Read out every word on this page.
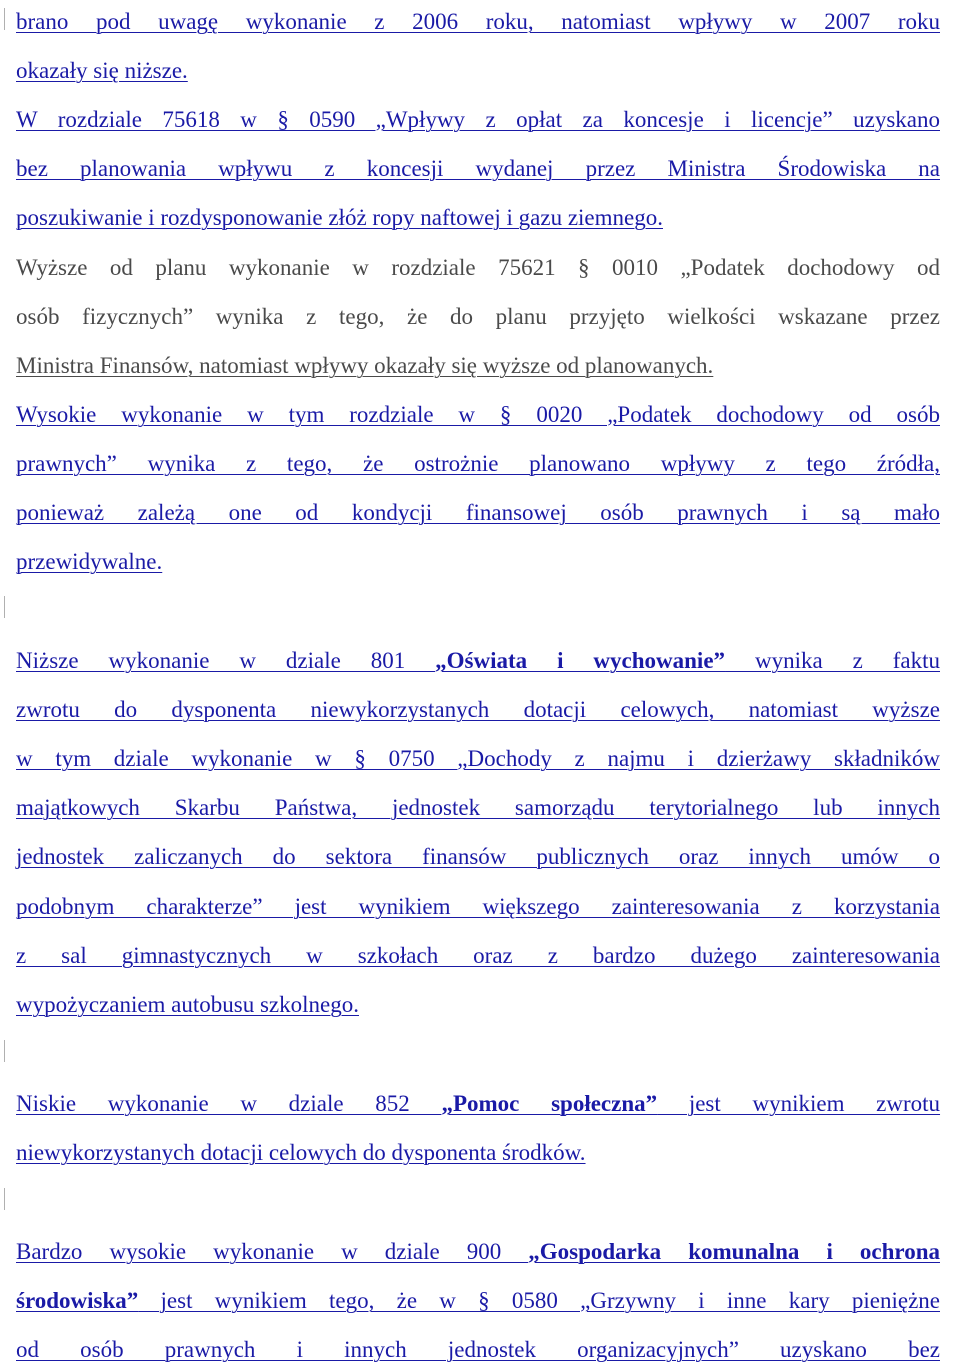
brano pod uwagę wykonanie z 2006 roku, natomiast wpływy w 2007 roku
okazały się niższe.
W rozdziale 75618 w § 0590 „Wpływy z opłat za koncesje i licencje” uzyskano
bez planowania wpływu z koncesji wydanej przez Ministra Środowiska na
poszukiwanie i rozdysponowanie złóż ropy naftowej i gazu ziemnego.
Wyższe od planu wykonanie w rozdziale 75621 § 0010 „Podatek dochodowy od
osób fizycznych” wynika z tego, że do planu przyjęto wielkości wskazane przez
Ministra Finansów, natomiast wpływy okazały się wyższe od planowanych.
Wysokie wykonanie w tym rozdziale w § 0020 „Podatek dochodowy od osób
prawnych” wynika z tego, że ostrożnie planowano wpływy z tego źródła,
ponieważ zależą one od kondycji finansowej osób prawnych i są mało
przewidywalne.
Niższe wykonanie w dziale 801 „Oświata i wychowanie” wynika z faktu
zwrotu do dysponenta niewykorzystanych dotacji celowych, natomiast wyższe
w tym dziale wykonanie w § 0750 „Dochody z najmu i dzierżawy składników
majątkowych Skarbu Państwa, jednostek samorządu terytorialnego lub innych
jednostek zaliczanych do sektora finansów publicznych oraz innych umów o
podobnym charakterze” jest wynikiem większego zainteresowania z korzystania
z sal gimnastycznych w szkołach oraz z bardzo dużego zainteresowania
wypożyczaniem autobusu szkolnego.
Niskie wykonanie w dziale 852 „Pomoc społeczna” jest wynikiem zwrotu
niewykorzystanych dotacji celowych do dysponenta środków.
Bardzo wysokie wykonanie w dziale 900 „Gospodarka komunalna i ochrona
środowiska” jest wynikiem tego, że w § 0580 „Grzywny i inne kary pieniężne
od osób prawnych i innych jednostek organizacyjnych” uzyskano bez
